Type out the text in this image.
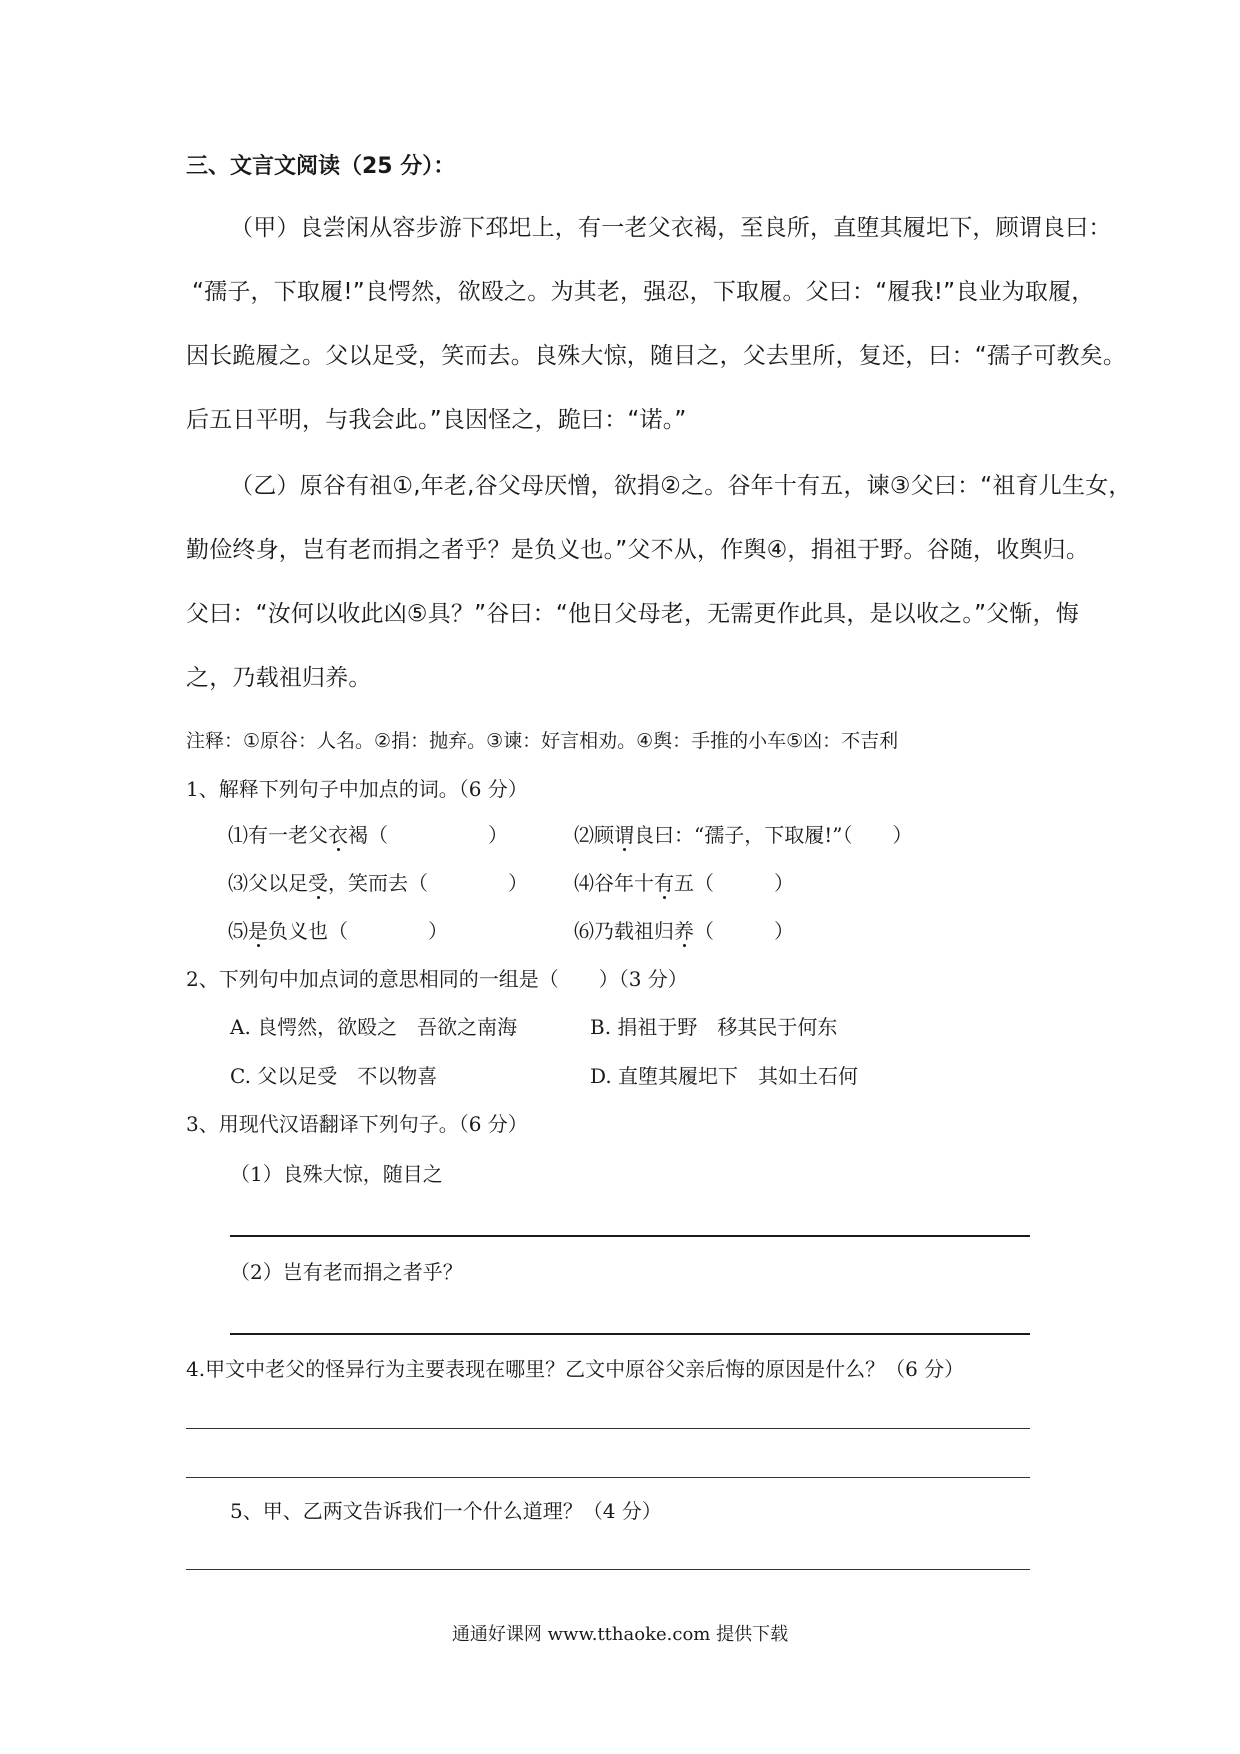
三、文言文阅读（25 分）：
（甲）良尝闲从容步游下邳圯上，有一老父衣褐，至良所，直堕其履圯下，顾谓良曰：
“孺子，下取履!”良愕然，欲殴之。为其老，强忍，下取履。父曰：“履我!”良业为取履，
因长跪履之。父以足受，笑而去。良殊大惊，随目之，父去里所，复还，曰：“孺子可教矣。
后五日平明，与我会此。”良因怪之，跪曰：“诺。”
（乙）原谷有祖①,年老,谷父母厌憎，欲捐②之。谷年十有五，谏③父曰：“祖育儿生女，
勤俭终身，岂有老而捐之者乎？是负义也。”父不从，作舆④，捐祖于野。谷随，收舆归。
父曰：“汝何以收此凶⑤具？”谷曰：“他日父母老，无需更作此具，是以收之。”父惭，悔
之，乃载祖归养。
注释：①原谷：人名。②捐：抛弃。③谏：好言相劝。④舆：手推的小车⑤凶：不吉利
1、解释下列句子中加点的词。（6 分）
⑴有一老父衣褐（　　　　　）	⑵顾谓良曰：“孺子，下取履!”（　　）
⑶父以足受，笑而去（　　　　） ⑷谷年十有五（　　　）
⑸是负义也（　　　　）	⑹乃载祖归养（　　　）
2、下列句中加点词的意思相同的一组是（　　）（3 分）
A. 良愕然，欲殴之　吾欲之南海	B. 捐祖于野　移其民于何东
C. 父以足受　不以物喜	D. 直堕其履圯下　其如土石何
3、用现代汉语翻译下列句子。（6 分）
（1）良殊大惊，随目之
（2）岂有老而捐之者乎？
4.甲文中老父的怪异行为主要表现在哪里？乙文中原谷父亲后悔的原因是什么？（6 分）
5、甲、乙两文告诉我们一个什么道理？（4 分）
通通好课网 www.tthaoke.com 提供下载
